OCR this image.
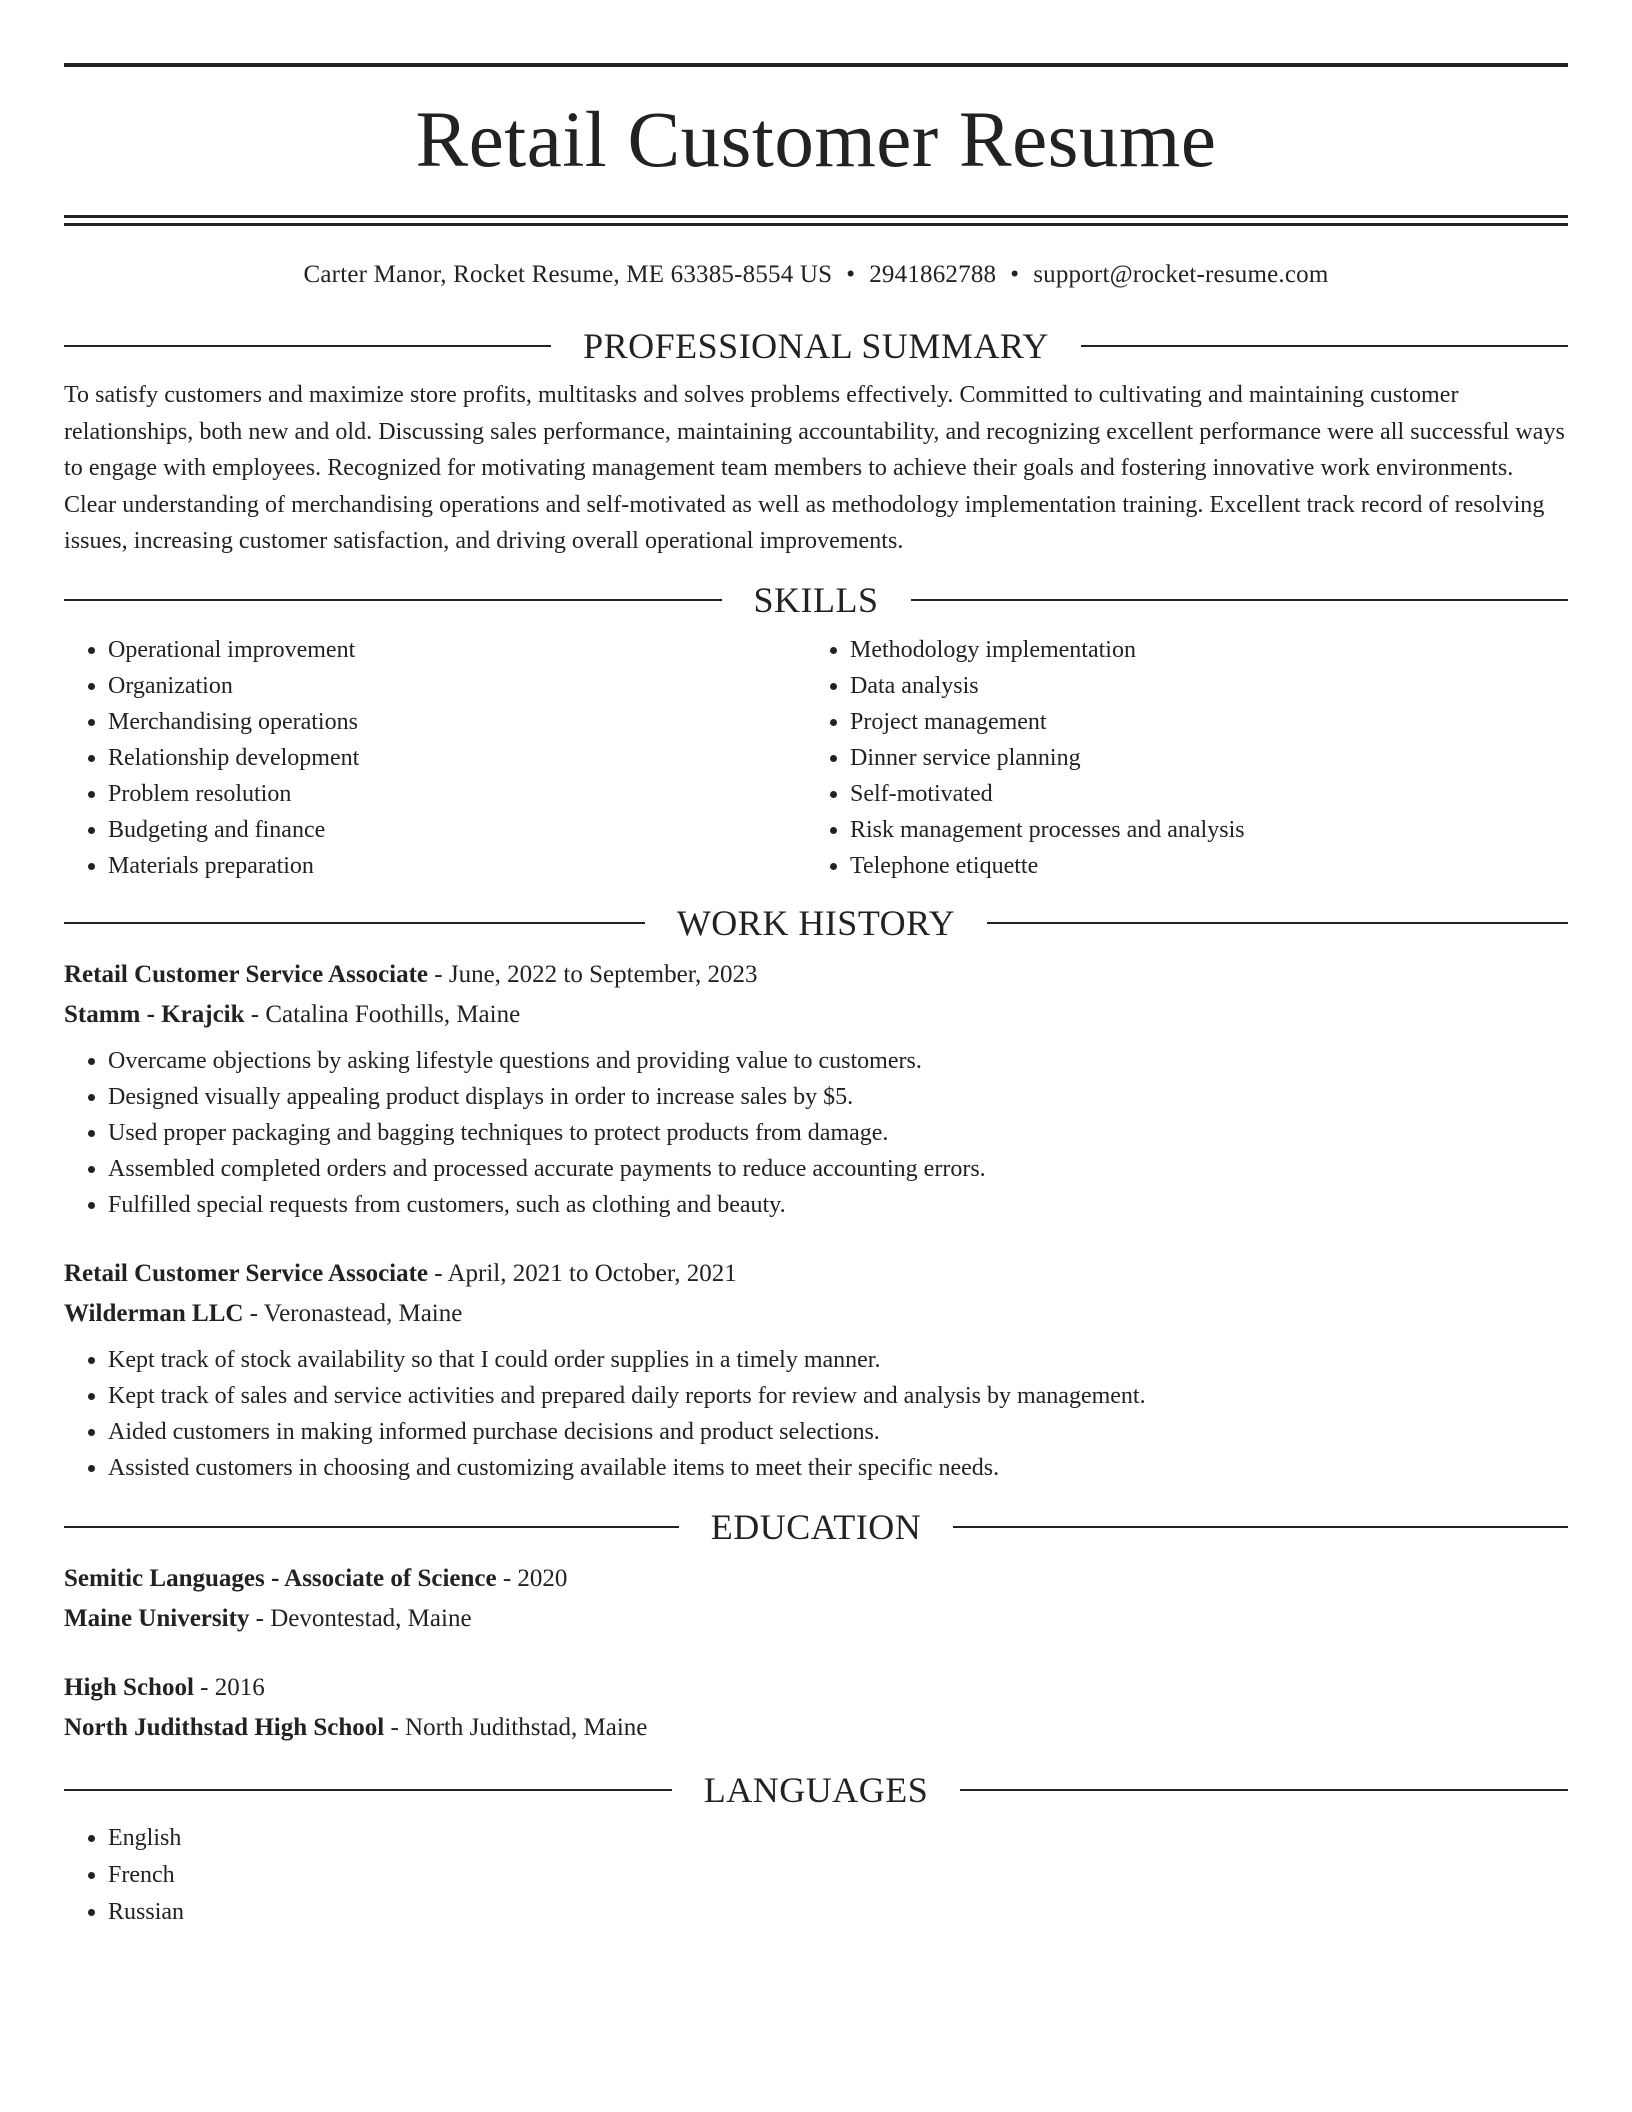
Retail Customer Resume
Carter Manor, Rocket Resume, ME 63385-8554 US • 2941862788 • support@rocket-resume.com
PROFESSIONAL SUMMARY

To satisfy customers and maximize store profits, multitasks and solves problems effectively. Committed to cultivating and maintaining customer relationships, both new and old. Discussing sales performance, maintaining accountability, and recognizing excellent performance were all successful ways to engage with employees. Recognized for motivating management team members to achieve their goals and fostering innovative work environments. Clear understanding of merchandising operations and self-motivated as well as methodology implementation training. Excellent track record of resolving issues, increasing customer satisfaction, and driving overall operational improvements.

SKILLS
• Operational improvement
• Organization
• Merchandising operations
• Relationship development
• Problem resolution
• Budgeting and finance
• Materials preparation
• Methodology implementation
• Data analysis
• Project management
• Dinner service planning
• Self-motivated
• Risk management processes and analysis
• Telephone etiquette
WORK HISTORY
Retail Customer Service Associate - June, 2022 to September, 2023
Stamm - Krajcik - Catalina Foothills, Maine
• Overcame objections by asking lifestyle questions and providing value to customers.
• Designed visually appealing product displays in order to increase sales by $5.
• Used proper packaging and bagging techniques to protect products from damage.
• Assembled completed orders and processed accurate payments to reduce accounting errors.
• Fulfilled special requests from customers, such as clothing and beauty.
Retail Customer Service Associate - April, 2021 to October, 2021
Wilderman LLC - Veronastead, Maine
• Kept track of stock availability so that I could order supplies in a timely manner.
• Kept track of sales and service activities and prepared daily reports for review and analysis by management.
• Aided customers in making informed purchase decisions and product selections.
• Assisted customers in choosing and customizing available items to meet their specific needs.
EDUCATION
Semitic Languages - Associate of Science - 2020
Maine University - Devontestad, Maine
High School - 2016
North Judithstad High School - North Judithstad, Maine
LANGUAGES
• English
• French
• Russian
